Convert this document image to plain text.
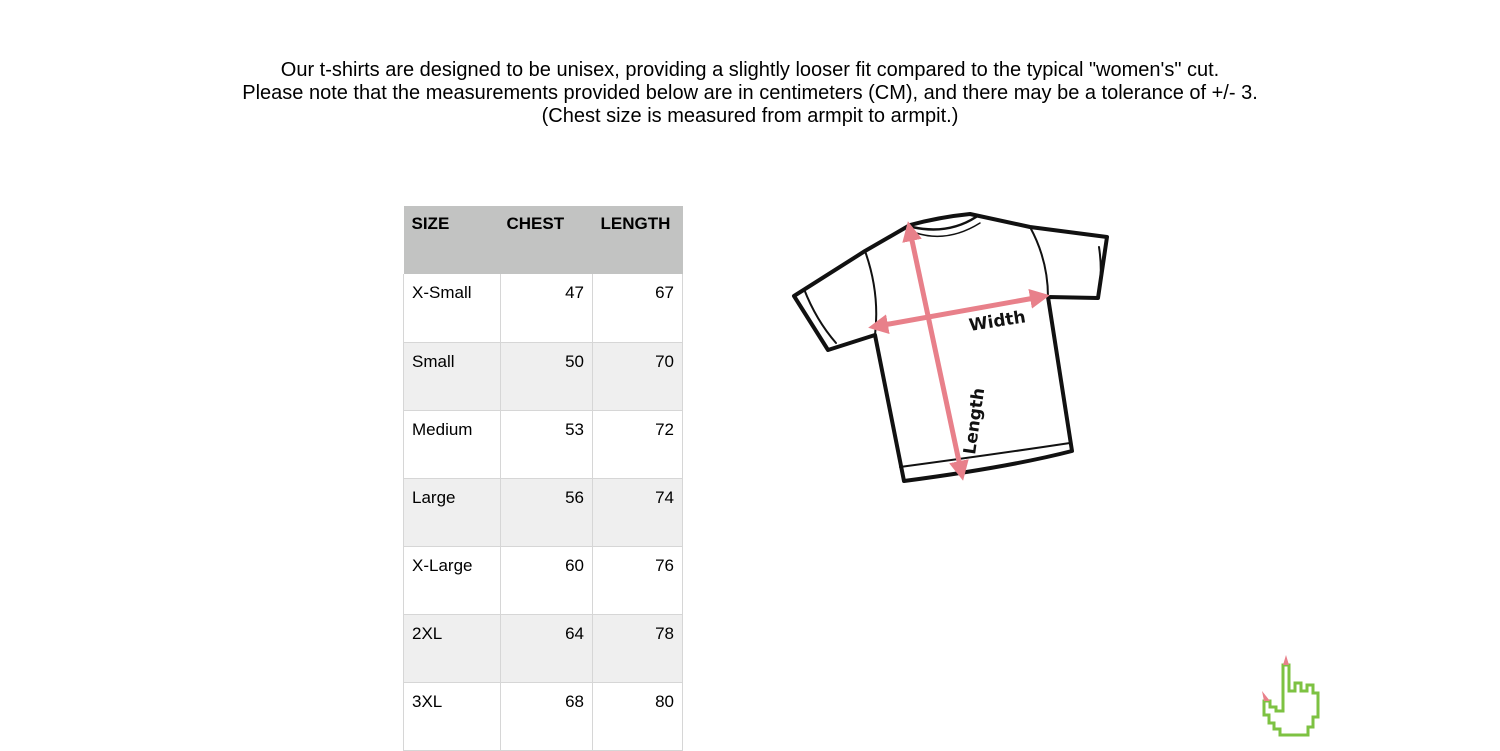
Our t-shirts are designed to be unisex, providing a slightly looser fit compared to the typical "women's" cut.
Please note that the measurements provided below are in centimeters (CM), and there may be a tolerance of +/- 3.
(Chest size is measured from armpit to armpit.)
SIZE	CHEST	LENGTH
X-Small	47	67
Small	50	70
Medium	53	72
Large	56	74
X-Large	60	76
2XL	64	78
3XL	68	80
Width
Length
